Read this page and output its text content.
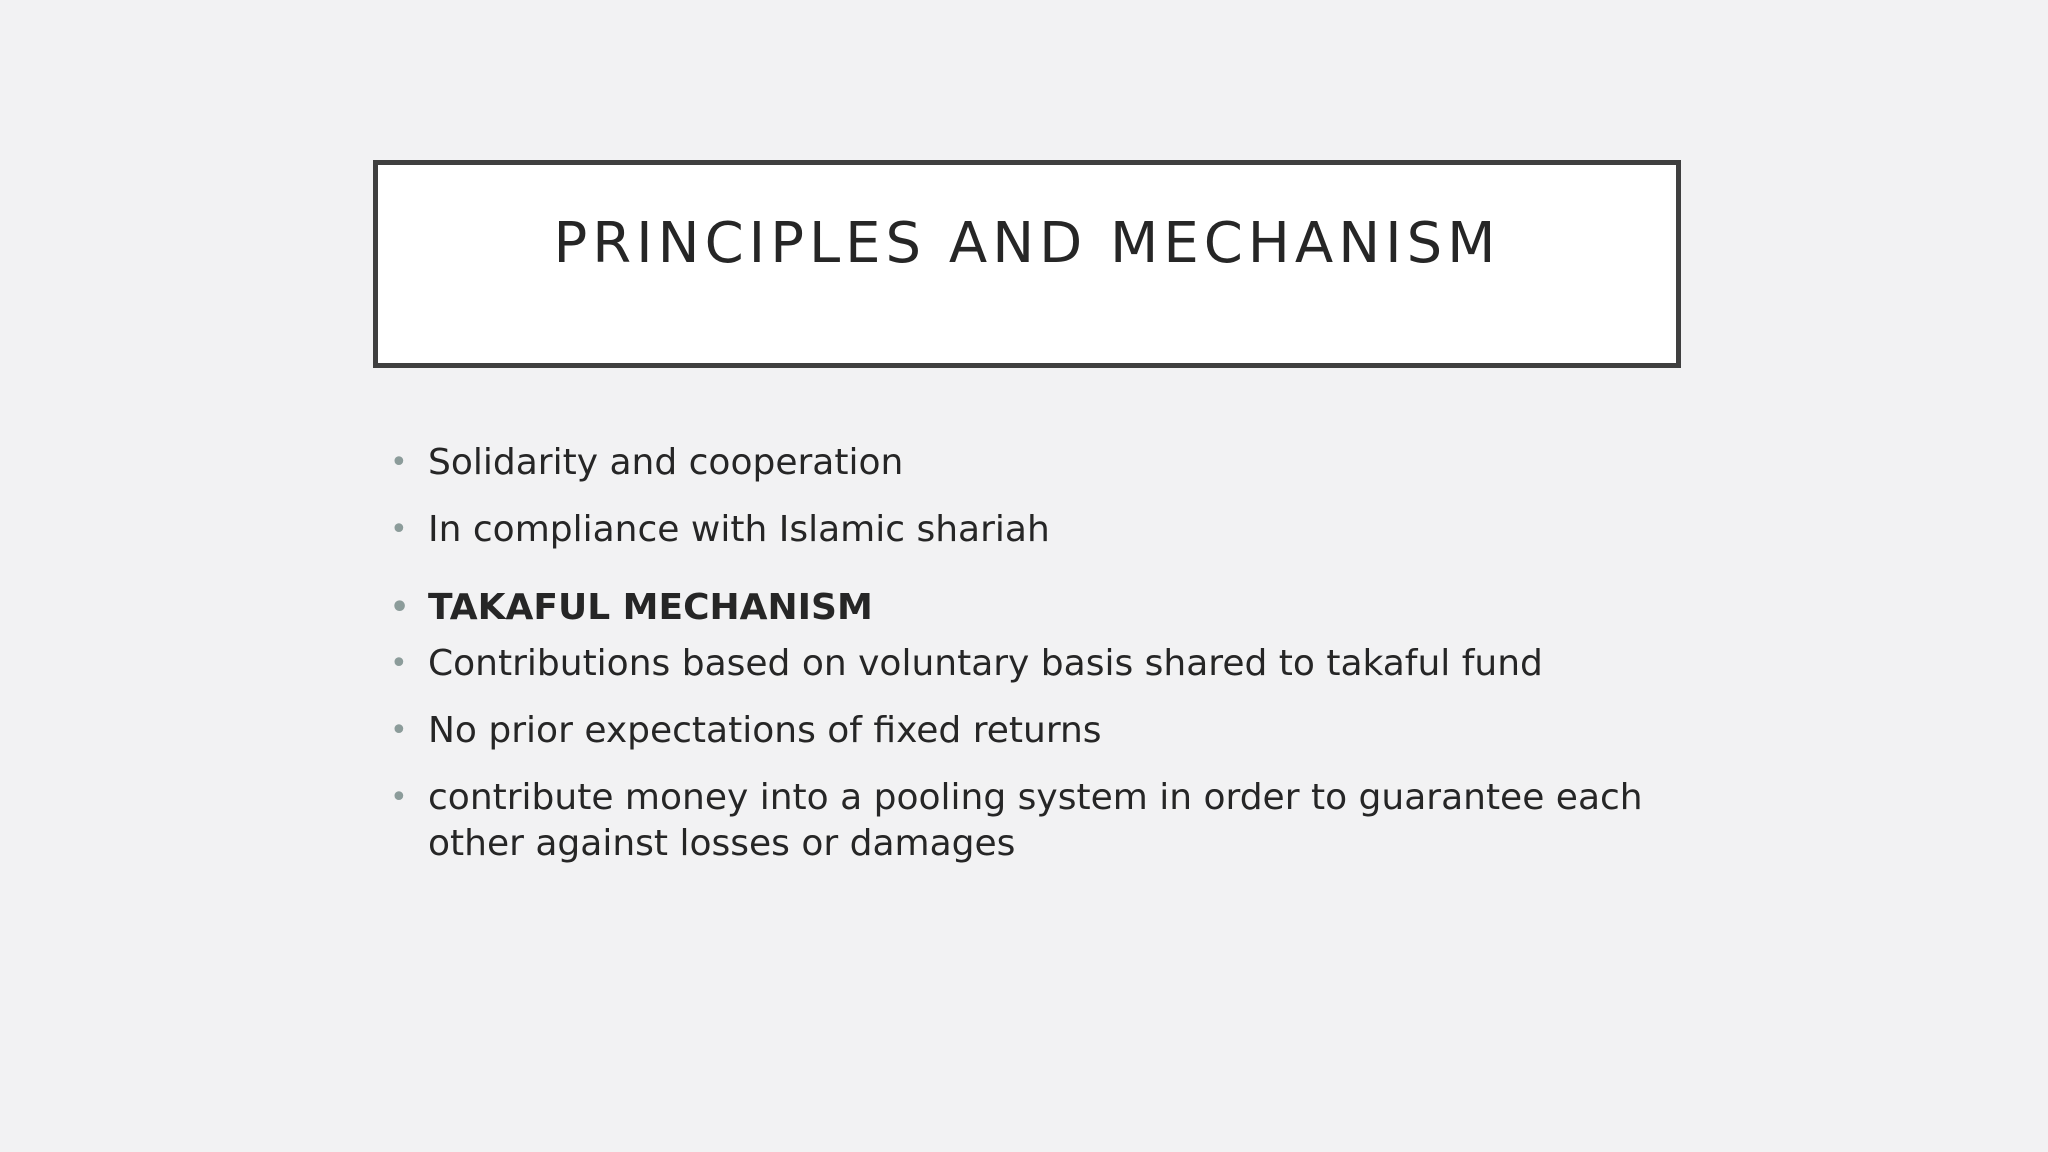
PRINCIPLES AND MECHANISM
• Solidarity and cooperation
• In compliance with Islamic shariah
• TAKAFUL MECHANISM
• Contributions based on voluntary basis shared to takaful fund
• No prior expectations of fixed returns
• contribute money into a pooling system in order to guarantee each other against losses or damages
